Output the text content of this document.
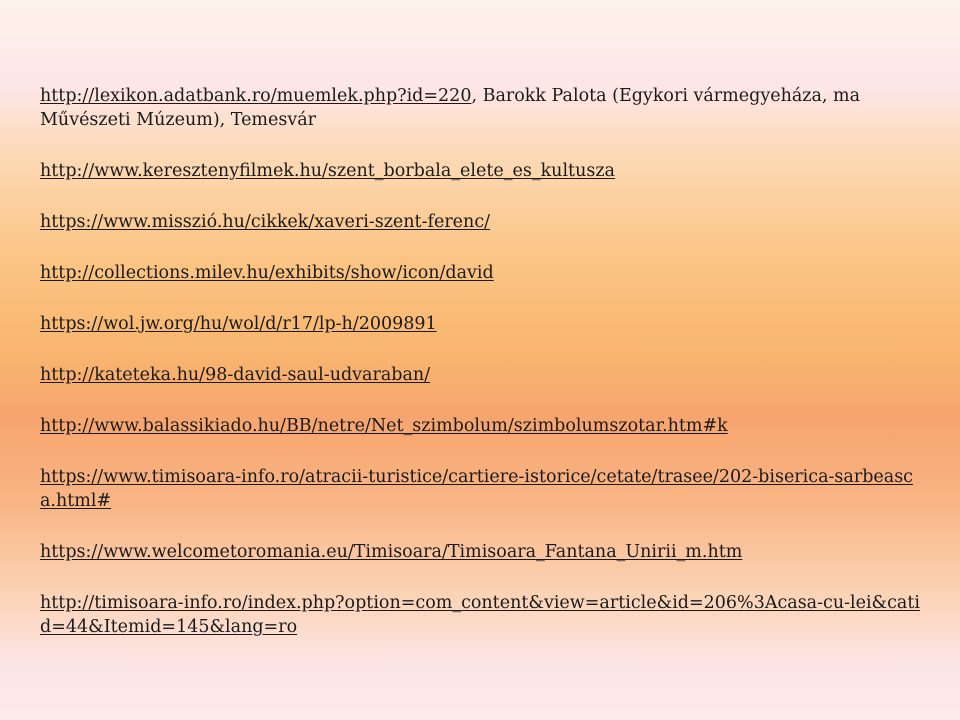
http://lexikon.adatbank.ro/muemlek.php?id=220, Barokk Palota (Egykori vármegyeháza, ma Művészeti Múzeum), Temesvár

http://www.keresztenyfilmek.hu/szent_borbala_elete_es_kultusza

https://www.misszió.hu/cikkek/xaveri-szent-ferenc/

http://collections.milev.hu/exhibits/show/icon/david

https://wol.jw.org/hu/wol/d/r17/lp-h/2009891

http://kateteka.hu/98-david-saul-udvaraban/

http://www.balassikiado.hu/BB/netre/Net_szimbolum/szimbolumszotar.htm#k

https://www.timisoara-info.ro/atracii-turistice/cartiere-istorice/cetate/trasee/202-biserica-sarbeasca.html#

https://www.welcometoromania.eu/Timisoara/Timisoara_Fantana_Unirii_m.htm

http://timisoara-info.ro/index.php?option=com_content&view=article&id=206%3Acasa-cu-lei&catid=44&Itemid=145&lang=ro
